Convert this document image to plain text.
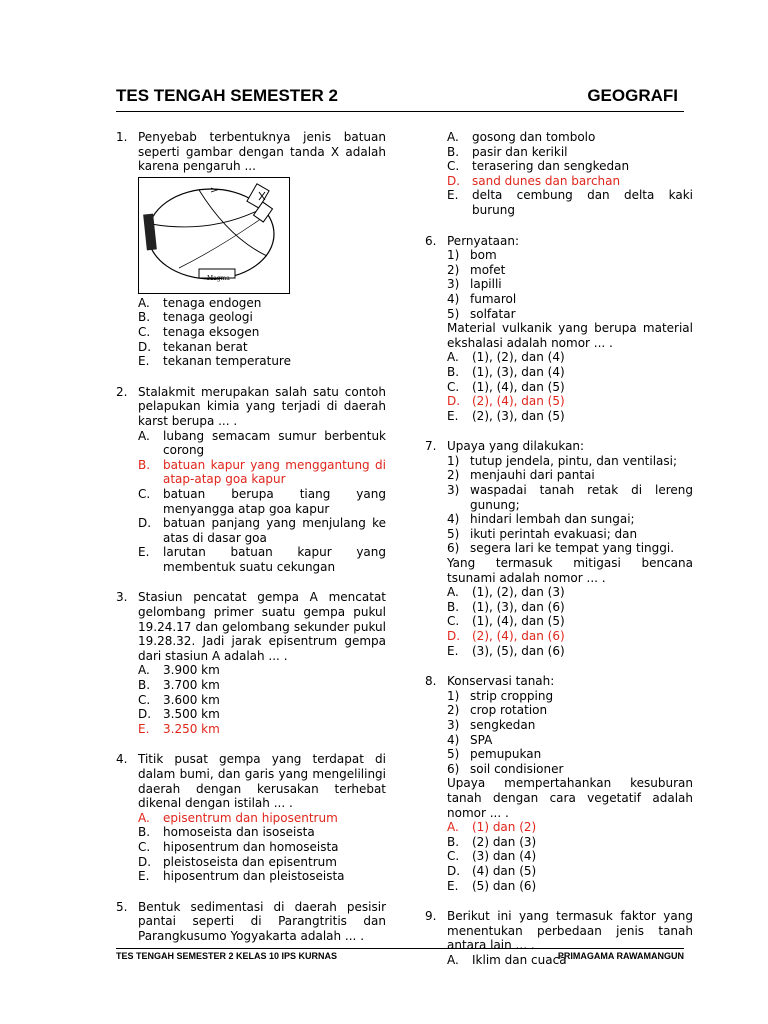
TES TENGAH SEMESTER 2	GEOGRAFI
1. Penyebab terbentuknya jenis batuan seperti gambar dengan tanda X adalah karena pengaruh ...
Magma
A.	tenaga endogen
B.	tenaga geologi
C.	tenaga eksogen
D. tekanan berat
E.	tekanan temperature
2. Stalakmit merupakan salah satu contoh pelapukan kimia yang terjadi di daerah karst berupa ... .
A.	lubang semacam sumur berbentuk corong
B.	batuan kapur yang menggantung di atap-atap goa kapur
C.	batuan berupa tiang yang menyangga atap goa kapur
D. batuan panjang yang menjulang ke atas di dasar goa
E.	larutan batuan kapur yang membentuk suatu cekungan
3. Stasiun pencatat gempa A mencatat gelombang primer suatu gempa pukul 19.24.17 dan gelombang sekunder pukul 19.28.32. Jadi jarak episentrum gempa dari stasiun A adalah ... .
A.	3.900 km
B.	3.700 km
C.	3.600 km
D. 3.500 km
E.	3.250 km
4. Titik pusat gempa yang terdapat di dalam bumi, dan garis yang mengelilingi daerah dengan kerusakan terhebat dikenal dengan istilah ... .
A.	episentrum dan hiposentrum
B.	homoseista dan isoseista
C.	hiposentrum dan homoseista
D. pleistoseista dan episentrum
E.	hiposentrum dan pleistoseista
5. Bentuk sedimentasi di daerah pesisir pantai seperti di Parangtritis dan Parangkusumo Yogyakarta adalah ... .
A.	gosong dan tombolo
B.	pasir dan kerikil
C.	terasering dan sengkedan
D. sand dunes dan barchan
E.	delta cembung dan delta kaki burung
6. Pernyataan:
1) bom
2) mofet
3) lapilli
4) fumarol
5) solfatar
Material vulkanik yang berupa material ekshalasi adalah nomor ... .
A.	(1), (2), dan (4)
B.	(1), (3), dan (4)
C.	(1), (4), dan (5)
D. (2), (4), dan (5)
E.	(2), (3), dan (5)
7. Upaya yang dilakukan:
1) tutup jendela, pintu, dan ventilasi;
2) menjauhi dari pantai
3) waspadai tanah retak di lereng gunung;
4) hindari lembah dan sungai;
5) ikuti perintah evakuasi; dan
6) segera lari ke tempat yang tinggi.
Yang termasuk mitigasi bencana tsunami adalah nomor ... .
A.	(1), (2), dan (3)
B.	(1), (3), dan (6)
C.	(1), (4), dan (5)
D. (2), (4), dan (6)
E.	(3), (5), dan (6)
8. Konservasi tanah:
1) strip cropping
2) crop rotation
3) sengkedan
4) SPA
5) pemupukan
6) soil condisioner
Upaya mempertahankan kesuburan tanah dengan cara vegetatif adalah nomor ... .
A.	(1) dan (2)
B.	(2) dan (3)
C.	(3) dan (4)
D. (4) dan (5)
E.	(5) dan (6)
9. Berikut ini yang termasuk faktor yang menentukan perbedaan jenis tanah antara lain ... .
A.	Iklim dan cuaca
TES TENGAH SEMESTER 2 KELAS 10 IPS KURNAS	PRIMAGAMA RAWAMANGUN
